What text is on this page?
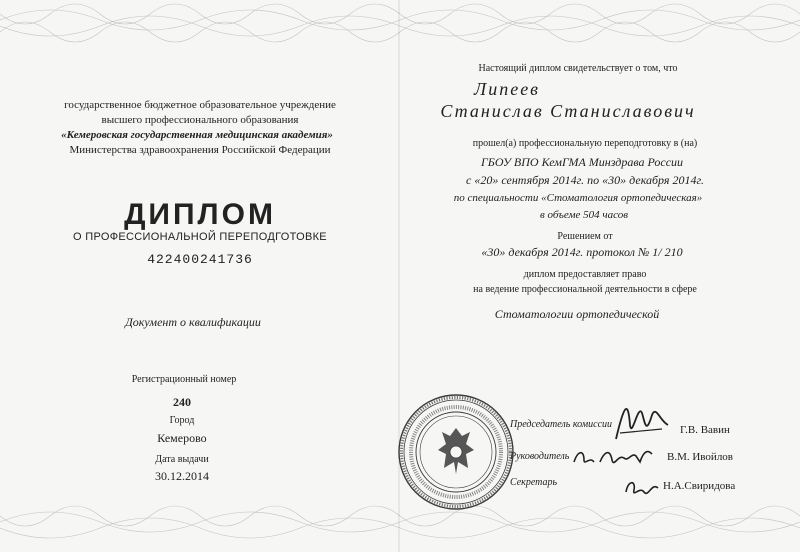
государственное бюджетное образовательное учреждение
высшего профессионального образования
«Кемеровская государственная медицинская академия»
Министерства здравоохранения Российской Федерации
ДИПЛОМ
О ПРОФЕССИОНАЛЬНОЙ ПЕРЕПОДГОТОВКЕ
422400241736
Документ о квалификации
Регистрационный номер
240
Город
Кемерово
Дата выдачи
30.12.2014
Настоящий диплом свидетельствует о том, что
Липеев
Станислав Станиславович
прошел(а) профессиональную переподготовку в (на)
ГБОУ ВПО КемГМА Минздрава России
с «20» сентября 2014г. по «30» декабря 2014г.
по специальности «Стоматология ортопедическая»
в объеме 504 часов
Решением от
«30» декабря 2014г. протокол № 1/ 210
диплом предоставляет право
на ведение профессиональной деятельности в сфере
Стоматологии ортопедической
Председатель комиссии	Г.В. Вавин
Руководитель	В.М. Ивойлов
Секретарь	Н.А.Свиридова
